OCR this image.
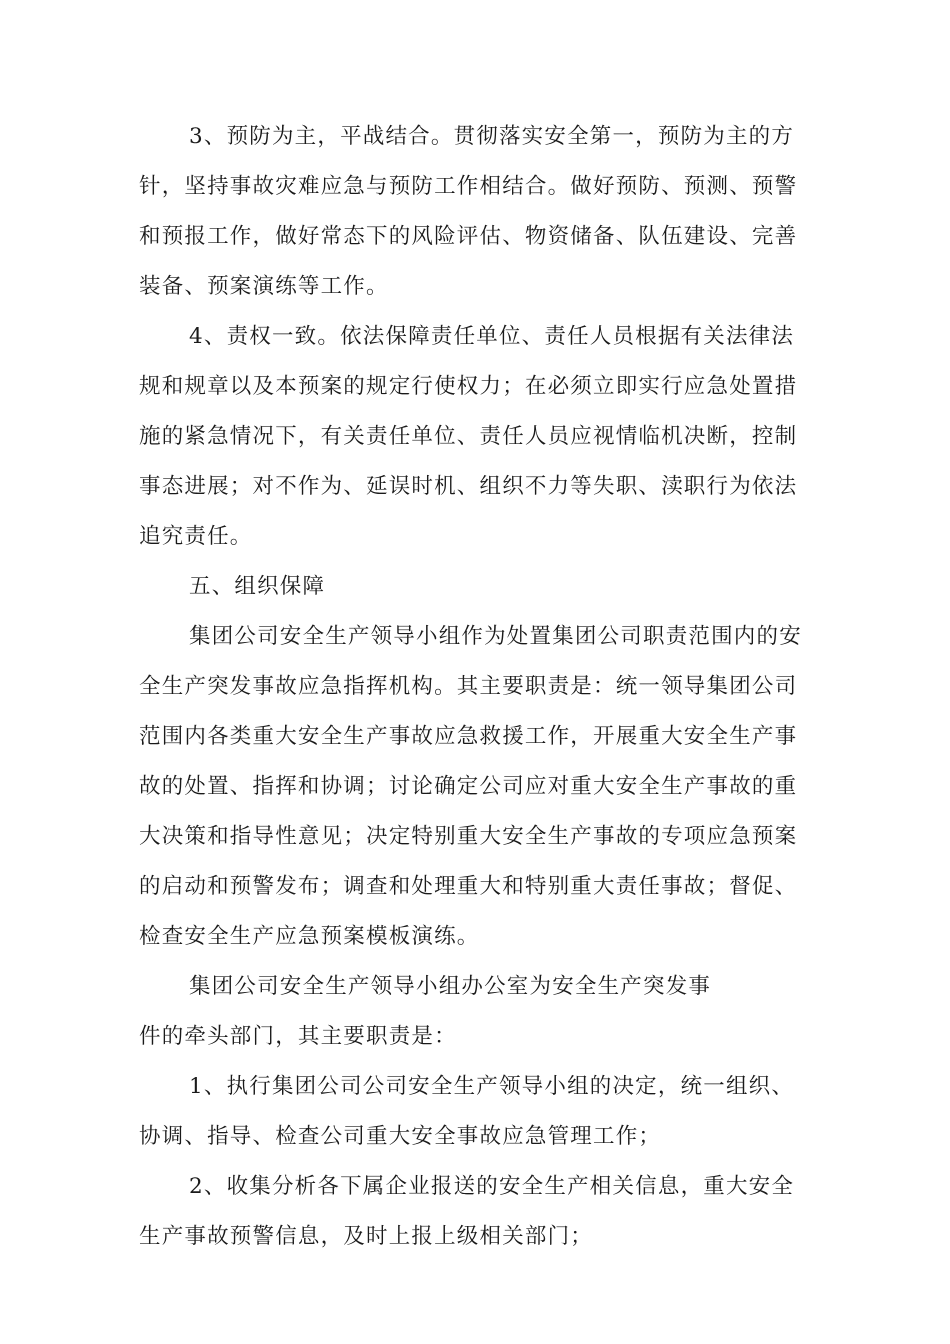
3、预防为主，平战结合。贯彻落实安全第一，预防为主的方
针，坚持事故灾难应急与预防工作相结合。做好预防、预测、预警
和预报工作，做好常态下的风险评估、物资储备、队伍建设、完善
装备、预案演练等工作。
4、责权一致。依法保障责任单位、责任人员根据有关法律法
规和规章以及本预案的规定行使权力；在必须立即实行应急处置措
施的紧急情况下，有关责任单位、责任人员应视情临机决断，控制
事态进展；对不作为、延误时机、组织不力等失职、渎职行为依法
追究责任。
五、组织保障
集团公司安全生产领导小组作为处置集团公司职责范围内的安
全生产突发事故应急指挥机构。其主要职责是：统一领导集团公司
范围内各类重大安全生产事故应急救援工作，开展重大安全生产事
故的处置、指挥和协调；讨论确定公司应对重大安全生产事故的重
大决策和指导性意见；决定特别重大安全生产事故的专项应急预案
的启动和预警发布；调查和处理重大和特别重大责任事故；督促、
检查安全生产应急预案模板演练。
集团公司安全生产领导小组办公室为安全生产突发事
件的牵头部门，其主要职责是：
1、执行集团公司公司安全生产领导小组的决定，统一组织、
协调、指导、检查公司重大安全事故应急管理工作；
2、收集分析各下属企业报送的安全生产相关信息，重大安全
生产事故预警信息，及时上报上级相关部门；
